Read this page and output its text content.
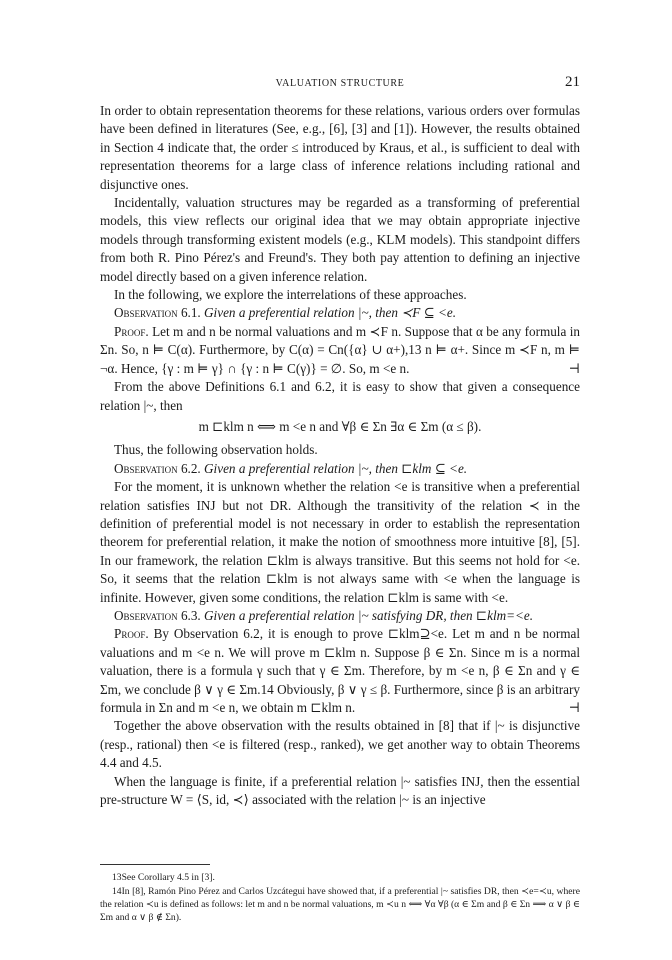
VALUATION STRUCTURE	21

In order to obtain representation theorems for these relations, various orders over formulas have been defined in literatures (See, e.g., [6], [3] and [1]). However, the results obtained in Section 4 indicate that, the order ≤ introduced by Kraus, et al., is sufficient to deal with representation theorems for a large class of inference relations including rational and disjunctive ones.

Incidentally, valuation structures may be regarded as a transforming of preferential models, this view reflects our original idea that we may obtain appropriate injective models through transforming existent models (e.g., KLM models). This standpoint differs from both R. Pino Pérez's and Freund's. They both pay attention to defining an injective model directly based on a given inference relation.

In the following, we explore the interrelations of these approaches.

Observation 6.1. Given a preferential relation |~, then ≺F ⊆ <e.

Proof. Let m and n be normal valuations and m ≺F n. Suppose that α be any formula in Σn. So, n ⊨ C(α). Furthermore, by C(α) = Cn({α} ∪ α+),13 n ⊨ α+. Since m ≺F n, m ⊨ ¬α. Hence, {γ : m ⊨ γ} ∩ {γ : n ⊨ C(γ)} = ∅. So, m <e n.	⊣

From the above Definitions 6.1 and 6.2, it is easy to show that given a consequence relation |~, then

m ⊏klm n ⟺ m <e n and ∀β ∈ Σn ∃α ∈ Σm (α ≤ β).

Thus, the following observation holds.

Observation 6.2. Given a preferential relation |~, then ⊏klm ⊆ <e.

For the moment, it is unknown whether the relation <e is transitive when a preferential relation satisfies INJ but not DR. Although the transitivity of the relation ≺ in the definition of preferential model is not necessary in order to establish the representation theorem for preferential relation, it make the notion of smoothness more intuitive [8], [5]. In our framework, the relation ⊏klm is always transitive. But this seems not hold for <e. So, it seems that the relation ⊏klm is not always same with <e when the language is infinite. However, given some conditions, the relation ⊏klm is same with <e.

Observation 6.3. Given a preferential relation |~ satisfying DR, then ⊏klm=<e.

Proof. By Observation 6.2, it is enough to prove ⊏klm⊇<e. Let m and n be normal valuations and m <e n. We will prove m ⊏klm n. Suppose β ∈ Σn. Since m is a normal valuation, there is a formula γ such that γ ∈ Σm. Therefore, by m <e n, β ∈ Σn and γ ∈ Σm, we conclude β ∨ γ ∈ Σm.14 Obviously, β ∨ γ ≤ β. Furthermore, since β is an arbitrary formula in Σn and m <e n, we obtain m ⊏klm n.	⊣

Together the above observation with the results obtained in [8] that if |~ is disjunctive (resp., rational) then <e is filtered (resp., ranked), we get another way to obtain Theorems 4.4 and 4.5.

When the language is finite, if a preferential relation |~ satisfies INJ, then the essential pre-structure W = ⟨S, id, ≺⟩ associated with the relation |~ is an injective

13See Corollary 4.5 in [3].

14In [8], Ramón Pino Pérez and Carlos Uzcátegui have showed that, if a preferential |~ satisfies DR, then ≺e=≺u, where the relation ≺u is defined as follows: let m and n be normal valuations, m ≺u n ⟺ ∀α ∀β (α ∈ Σm and β ∈ Σn ⟹ α ∨ β ∈ Σm and α ∨ β ∉ Σn).
